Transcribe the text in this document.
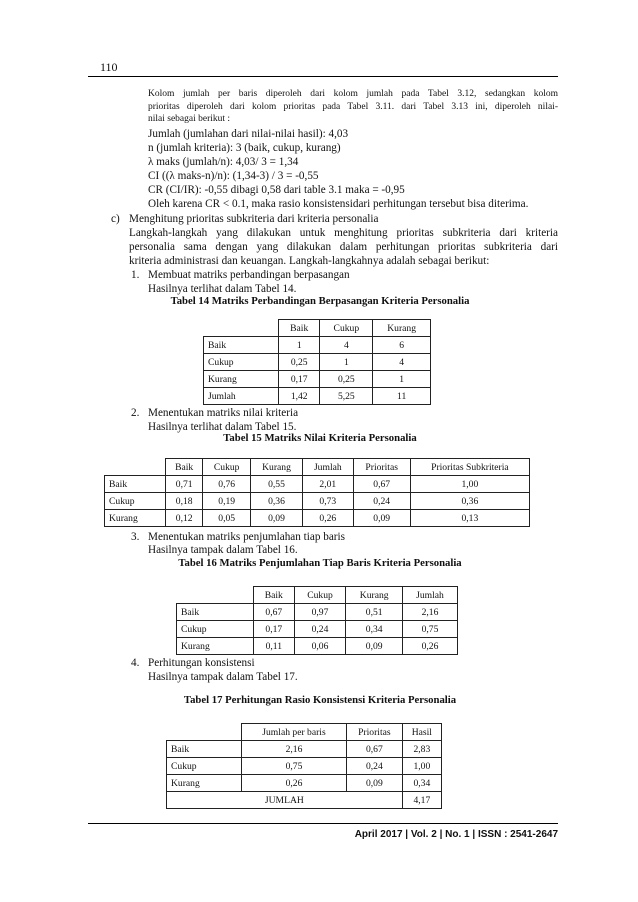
110
Kolom jumlah per baris diperoleh dari kolom jumlah pada Tabel 3.12, sedangkan kolom
prioritas diperoleh dari kolom prioritas pada Tabel 3.11. dari Tabel 3.13 ini, diperoleh nilai-
nilai sebagai berikut :
Jumlah (jumlahan dari nilai-nilai hasil): 4,03
n (jumlah kriteria): 3 (baik, cukup, kurang)
λ maks (jumlah/n): 4,03/ 3 = 1,34
CI ((λ maks-n)/n): (1,34-3) / 3 = -0,55
CR (CI/IR): -0,55 dibagi 0,58 dari table 3.1 maka = -0,95
Oleh karena CR < 0.1, maka rasio konsistensidari perhitungan tersebut bisa diterima.
c) Menghitung prioritas subkriteria dari kriteria personalia
Langkah-langkah yang dilakukan untuk menghitung prioritas subkriteria dari kriteria
personalia sama dengan yang dilakukan dalam perhitungan prioritas subkriteria dari
kriteria administrasi dan keuangan. Langkah-langkahnya adalah sebagai berikut:
1. Membuat matriks perbandingan berpasangan
Hasilnya terlihat dalam Tabel 14.
Tabel 14 Matriks Perbandingan Berpasangan Kriteria Personalia
	Baik	Cukup	Kurang
Baik	1	4	6
Cukup	0,25	1	4
Kurang	0,17	0,25	1
Jumlah	1,42	5,25	11
2. Menentukan matriks nilai kriteria
Hasilnya terlihat dalam Tabel 15.
Tabel 15 Matriks Nilai Kriteria Personalia
	Baik	Cukup	Kurang	Jumlah	Prioritas	Prioritas Subkriteria
Baik	0,71	0,76	0,55	2,01	0,67	1,00
Cukup	0,18	0,19	0,36	0,73	0,24	0,36
Kurang	0,12	0,05	0,09	0,26	0,09	0,13
3. Menentukan matriks penjumlahan tiap baris
Hasilnya tampak dalam Tabel 16.
Tabel 16 Matriks Penjumlahan Tiap Baris Kriteria Personalia
	Baik	Cukup	Kurang	Jumlah
Baik	0,67	0,97	0,51	2,16
Cukup	0,17	0,24	0,34	0,75
Kurang	0,11	0,06	0,09	0,26
4. Perhitungan konsistensi
Hasilnya tampak dalam Tabel 17.
Tabel 17 Perhitungan Rasio Konsistensi Kriteria Personalia
	Jumlah per baris	Prioritas	Hasil
Baik	2,16	0,67	2,83
Cukup	0,75	0,24	1,00
Kurang	0,26	0,09	0,34
JUMLAH			4,17
April 2017 | Vol. 2 | No. 1 | ISSN : 2541-2647
